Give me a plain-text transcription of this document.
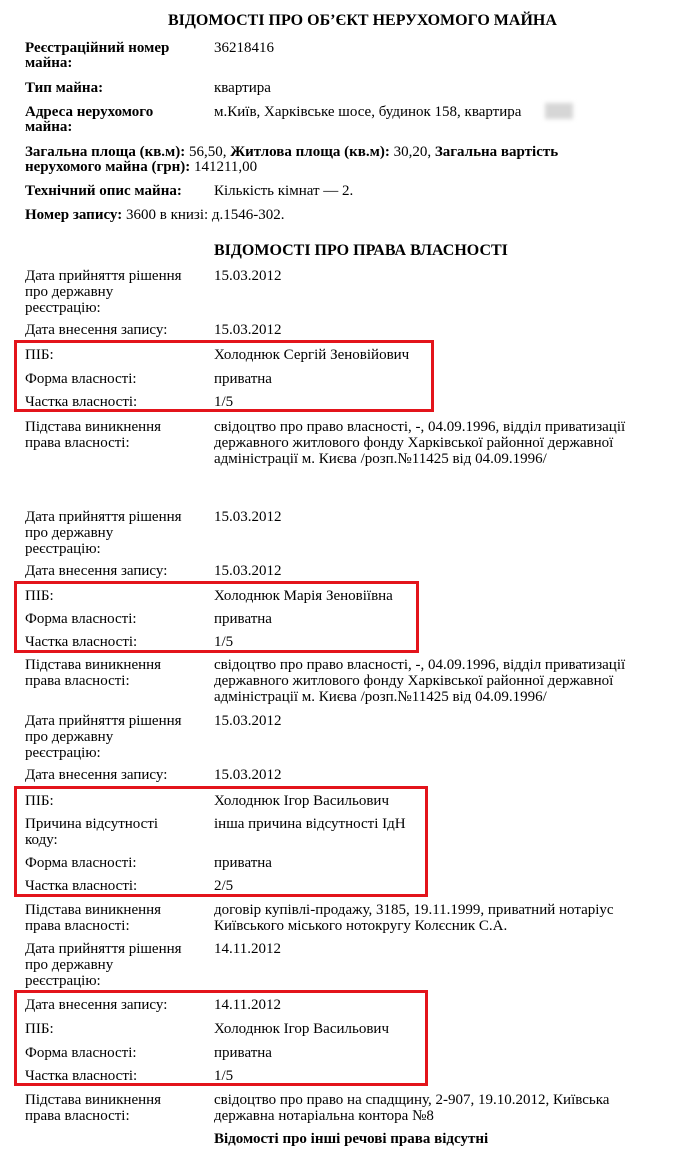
ВІДОМОСТІ ПРО ОБ’ЄКТ НЕРУХОМОГО МАЙНА
Реєстраційний номер
майна:
36218416
Тип майна:	квартира
Адреса нерухомого
майна:
м.Київ, Харківське шосе, будинок 158, квартира
Загальна площа (кв.м): 56,50, Житлова площа (кв.м): 30,20, Загальна вартість
нерухомого майна (грн): 141211,00
Технічний опис майна: Кількість кімнат — 2.
Номер запису: 3600 в книзі: д.1546-302.
ВІДОМОСТІ ПРО ПРАВА ВЛАСНОСТІ
Дата прийняття рішення
про державну
реєстрацію:
15.03.2012
Дата внесення запису:	15.03.2012
ПІБ:	Холоднюк Сергій Зеновійович
Форма власності:	приватна
Частка власності:	1/5
Підстава виникнення
права власності:
свідоцтво про право власності, -, 04.09.1996, відділ приватизації
державного житлового фонду Харківської районної державної
адміністрації м. Києва /розп.№11425 від 04.09.1996/
Дата прийняття рішення
про державну
реєстрацію:
15.03.2012
Дата внесення запису:	15.03.2012
ПІБ:	Холоднюк Марія Зеновіївна
Форма власності:	приватна
Частка власності:	1/5
Підстава виникнення
права власності:
свідоцтво про право власності, -, 04.09.1996, відділ приватизації
державного житлового фонду Харківської районної державної
адміністрації м. Києва /розп.№11425 від 04.09.1996/
Дата прийняття рішення
про державну
реєстрацію:
15.03.2012
Дата внесення запису:	15.03.2012
ПІБ:	Холоднюк Ігор Васильович
Причина відсутності
коду:
інша причина відсутності ІдН
Форма власності:	приватна
Частка власності:	2/5
Підстава виникнення
права власності:
договір купівлі-продажу, 3185, 19.11.1999, приватний нотаріус
Київського міського нотокругу Колєсник С.А.
Дата прийняття рішення
про державну
реєстрацію:
14.11.2012
Дата внесення запису:	14.11.2012
ПІБ:	Холоднюк Ігор Васильович
Форма власності:	приватна
Частка власності:	1/5
Підстава виникнення
права власності:
свідоцтво про право на спадщину, 2-907, 19.10.2012, Київська
державна нотаріальна контора №8
Відомості про інші речові права відсутні
